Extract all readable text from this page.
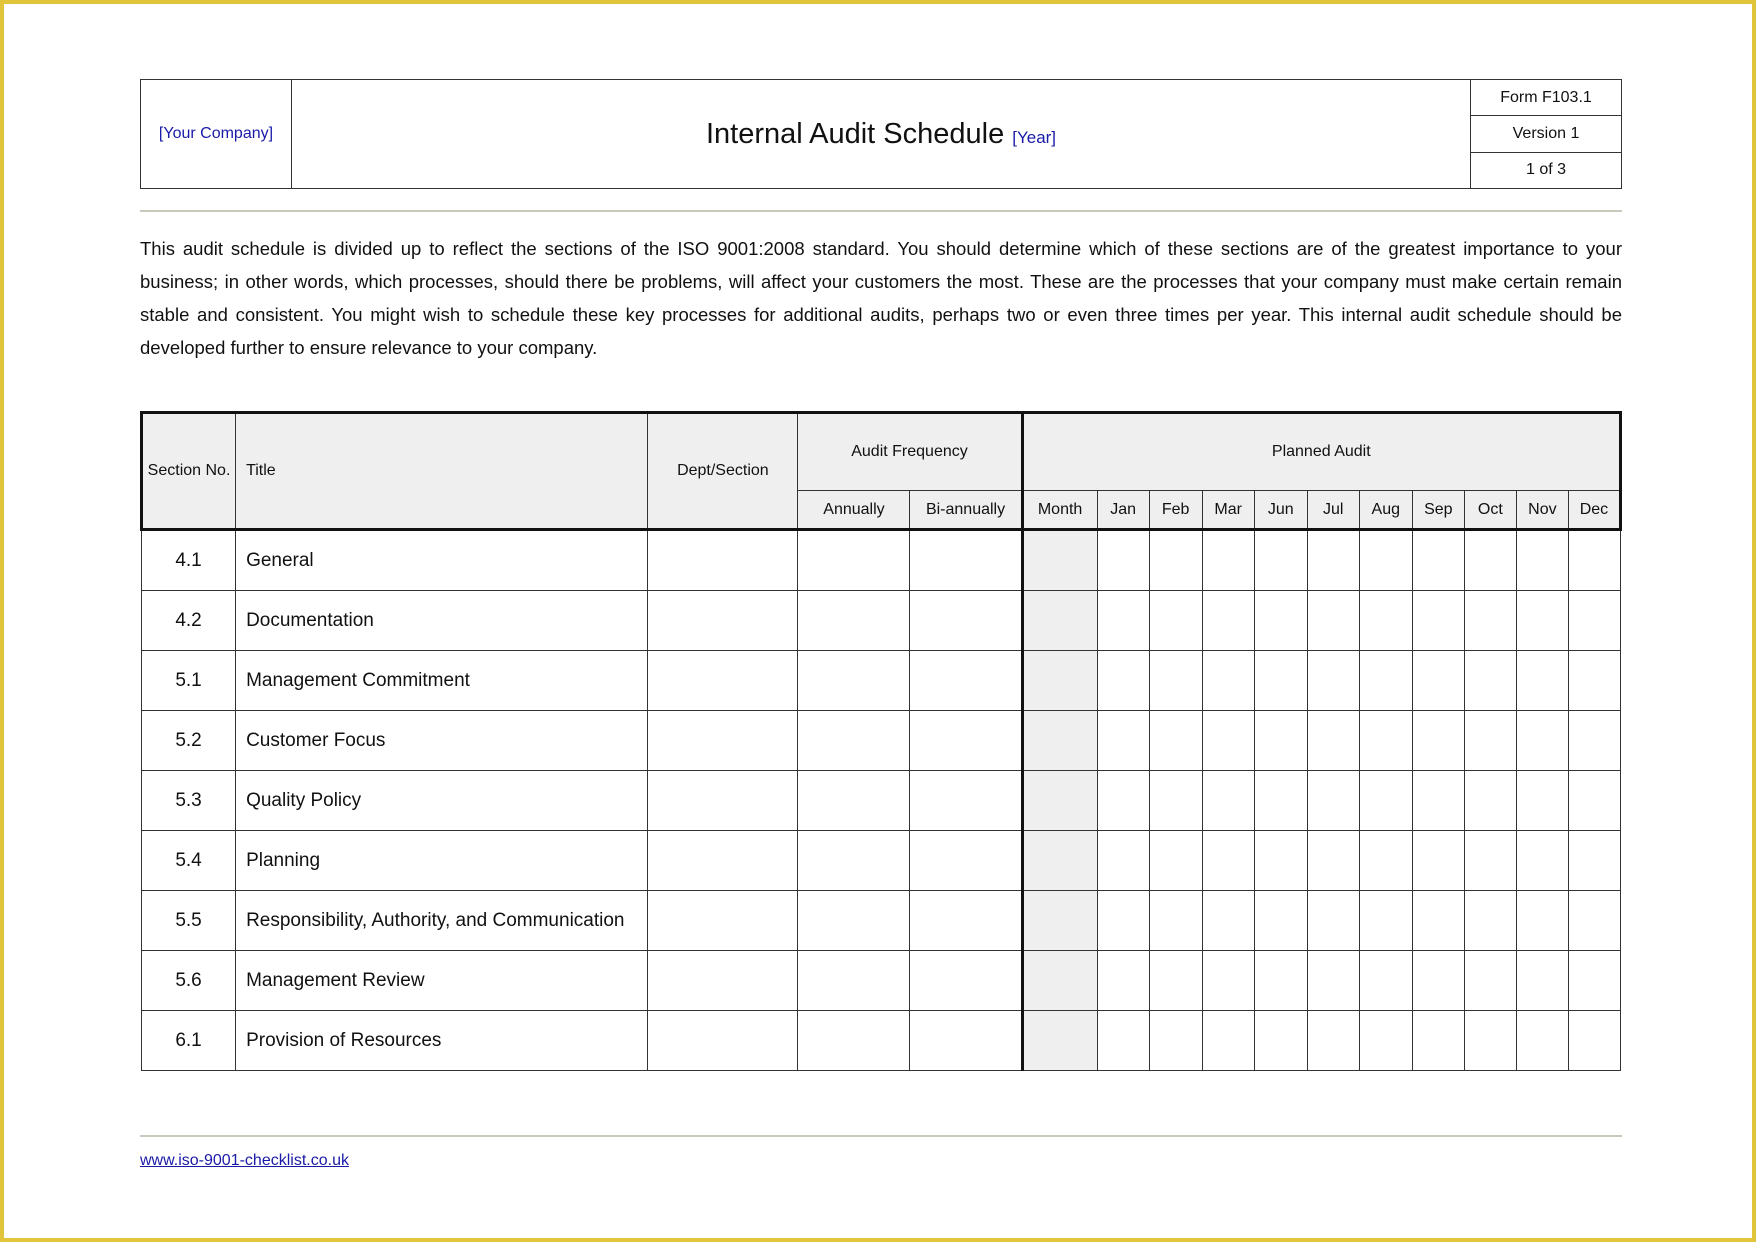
[Your Company]	Internal Audit Schedule [Year]
Form F103.1
Version 1
1 of 3

This audit schedule is divided up to reflect the sections of the ISO 9001:2008 standard. You should determine which of these sections are of the greatest importance to your business; in other words, which processes, should there be problems, will affect your customers the most. These are the processes that your company must make certain remain stable and consistent. You might wish to schedule these key processes for additional audits, perhaps two or even three times per year. This internal audit schedule should be developed further to ensure relevance to your company.

Section No.	Title	Dept/Section	Audit Frequency		Planned Audit										
			Annually	Bi-annually	Month	Jan	Feb	Mar	Jun	Jul	Aug	Sep	Oct	Nov	Dec
4.1	General														
4.2	Documentation														
5.1	Management Commitment														
5.2	Customer Focus														
5.3	Quality Policy														
5.4	Planning														
5.5	Responsibility, Authority, and Communication														
5.6	Management Review														
6.1	Provision of Resources														
www.iso-9001-checklist.co.uk
